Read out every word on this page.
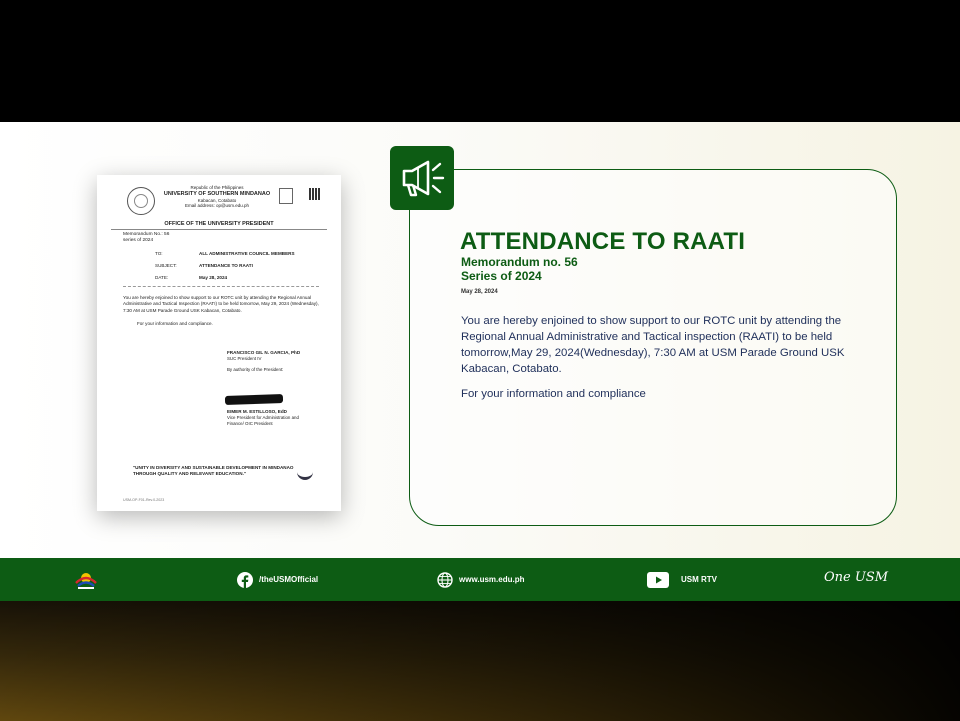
Republic of the Philippines
UNIVERSITY OF SOUTHERN MINDANAO
Kabacan, Cotabato
Email address: op@usm.edu.ph
OFFICE OF THE UNIVERSITY PRESIDENT
Memorandum No.: 56
series of 2024
TO:	ALL ADMINISTRATIVE COUNCIL MEMBERS
SUBJECT:	ATTENDANCE TO RAATI
DATE:	May 28, 2024
You are hereby enjoined to show support to our ROTC unit by attending the Regional Annual Administrative and Tactical Inspection (RAATI) to be held tomorrow, May 29, 2024 (Wednesday), 7:30 AM at USM Parade Ground USK Kabacan, Cotabato.
For your information and compliance.
FRANCISCO GIL N. GARCIA, PhD
SUC President IV
By authority of the President:
EIMER M. ESTILLOSO, EdD
Vice President for Administration and
Finance/ OIC President
"UNITY IN DIVERSITY AND SUSTAINABLE DEVELOPMENT IN MINDANAO THROUGH QUALITY AND RELEVANT EDUCATION."
USM-OP-F01-Rev.0-2023
ATTENDANCE TO RAATI
Memorandum no. 56
Series of 2024
May 28, 2024
You are hereby enjoined to show support to our ROTC unit by attending the Regional Annual Administrative and Tactical inspection (RAATI) to be held tomorrow,May 29, 2024(Wednesday), 7:30 AM at USM Parade Ground USK Kabacan, Cotabato.
For your information and compliance
/theUSMOfficial	www.usm.edu.ph	USM RTV	One USM
